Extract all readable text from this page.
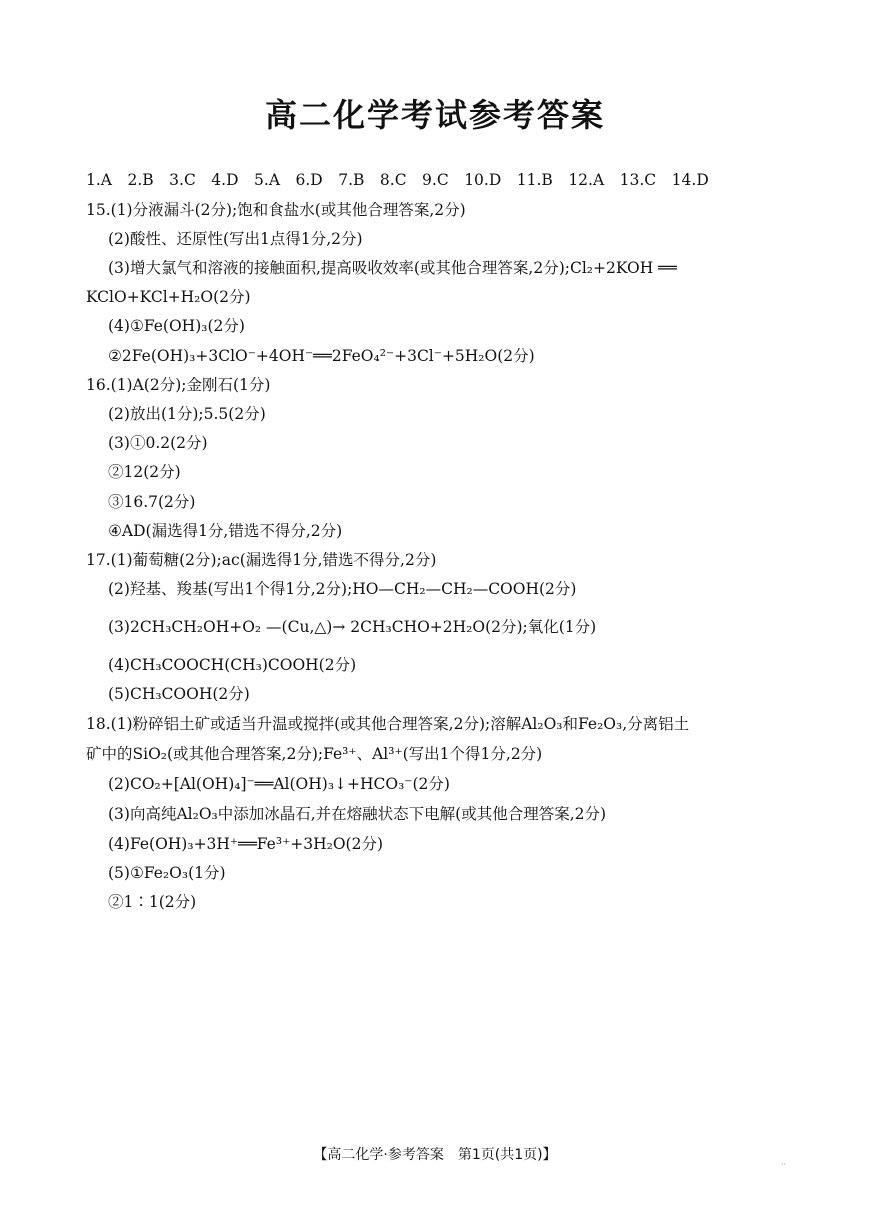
高二化学考试参考答案
1.A　2.B　3.C　4.D　5.A　6.D　7.B　8.C　9.C　10.D　11.B　12.A　13.C　14.D
15.(1)分液漏斗(2分);饱和食盐水(或其他合理答案,2分)
(2)酸性、还原性(写出1点得1分,2分)
(3)增大氯气和溶液的接触面积,提高吸收效率(或其他合理答案,2分);Cl₂+2KOH ══
KClO+KCl+H₂O(2分)
(4)①Fe(OH)₃(2分)
②2Fe(OH)₃+3ClO⁻+4OH⁻══2FeO₄²⁻+3Cl⁻+5H₂O(2分)
16.(1)A(2分);金刚石(1分)
(2)放出(1分);5.5(2分)
(3)①0.2(2分)
②12(2分)
③16.7(2分)
④AD(漏选得1分,错选不得分,2分)
17.(1)葡萄糖(2分);ac(漏选得1分,错选不得分,2分)
(2)羟基、羧基(写出1个得1分,2分);HO—CH₂—CH₂—COOH(2分)
(3)2CH₃CH₂OH+O₂ —(Cu,△)→ 2CH₃CHO+2H₂O(2分);氧化(1分)
(4)CH₃COOCH(CH₃)COOH(2分)
(5)CH₃COOH(2分)
18.(1)粉碎铝土矿或适当升温或搅拌(或其他合理答案,2分);溶解Al₂O₃和Fe₂O₃,分离铝土
矿中的SiO₂(或其他合理答案,2分);Fe³⁺、Al³⁺(写出1个得1分,2分)
(2)CO₂+[Al(OH)₄]⁻══Al(OH)₃↓+HCO₃⁻(2分)
(3)向高纯Al₂O₃中添加冰晶石,并在熔融状态下电解(或其他合理答案,2分)
(4)Fe(OH)₃+3H⁺══Fe³⁺+3H₂O(2分)
(5)①Fe₂O₃(1分)
②1∶1(2分)
【高二化学·参考答案　第1页(共1页)】
··
